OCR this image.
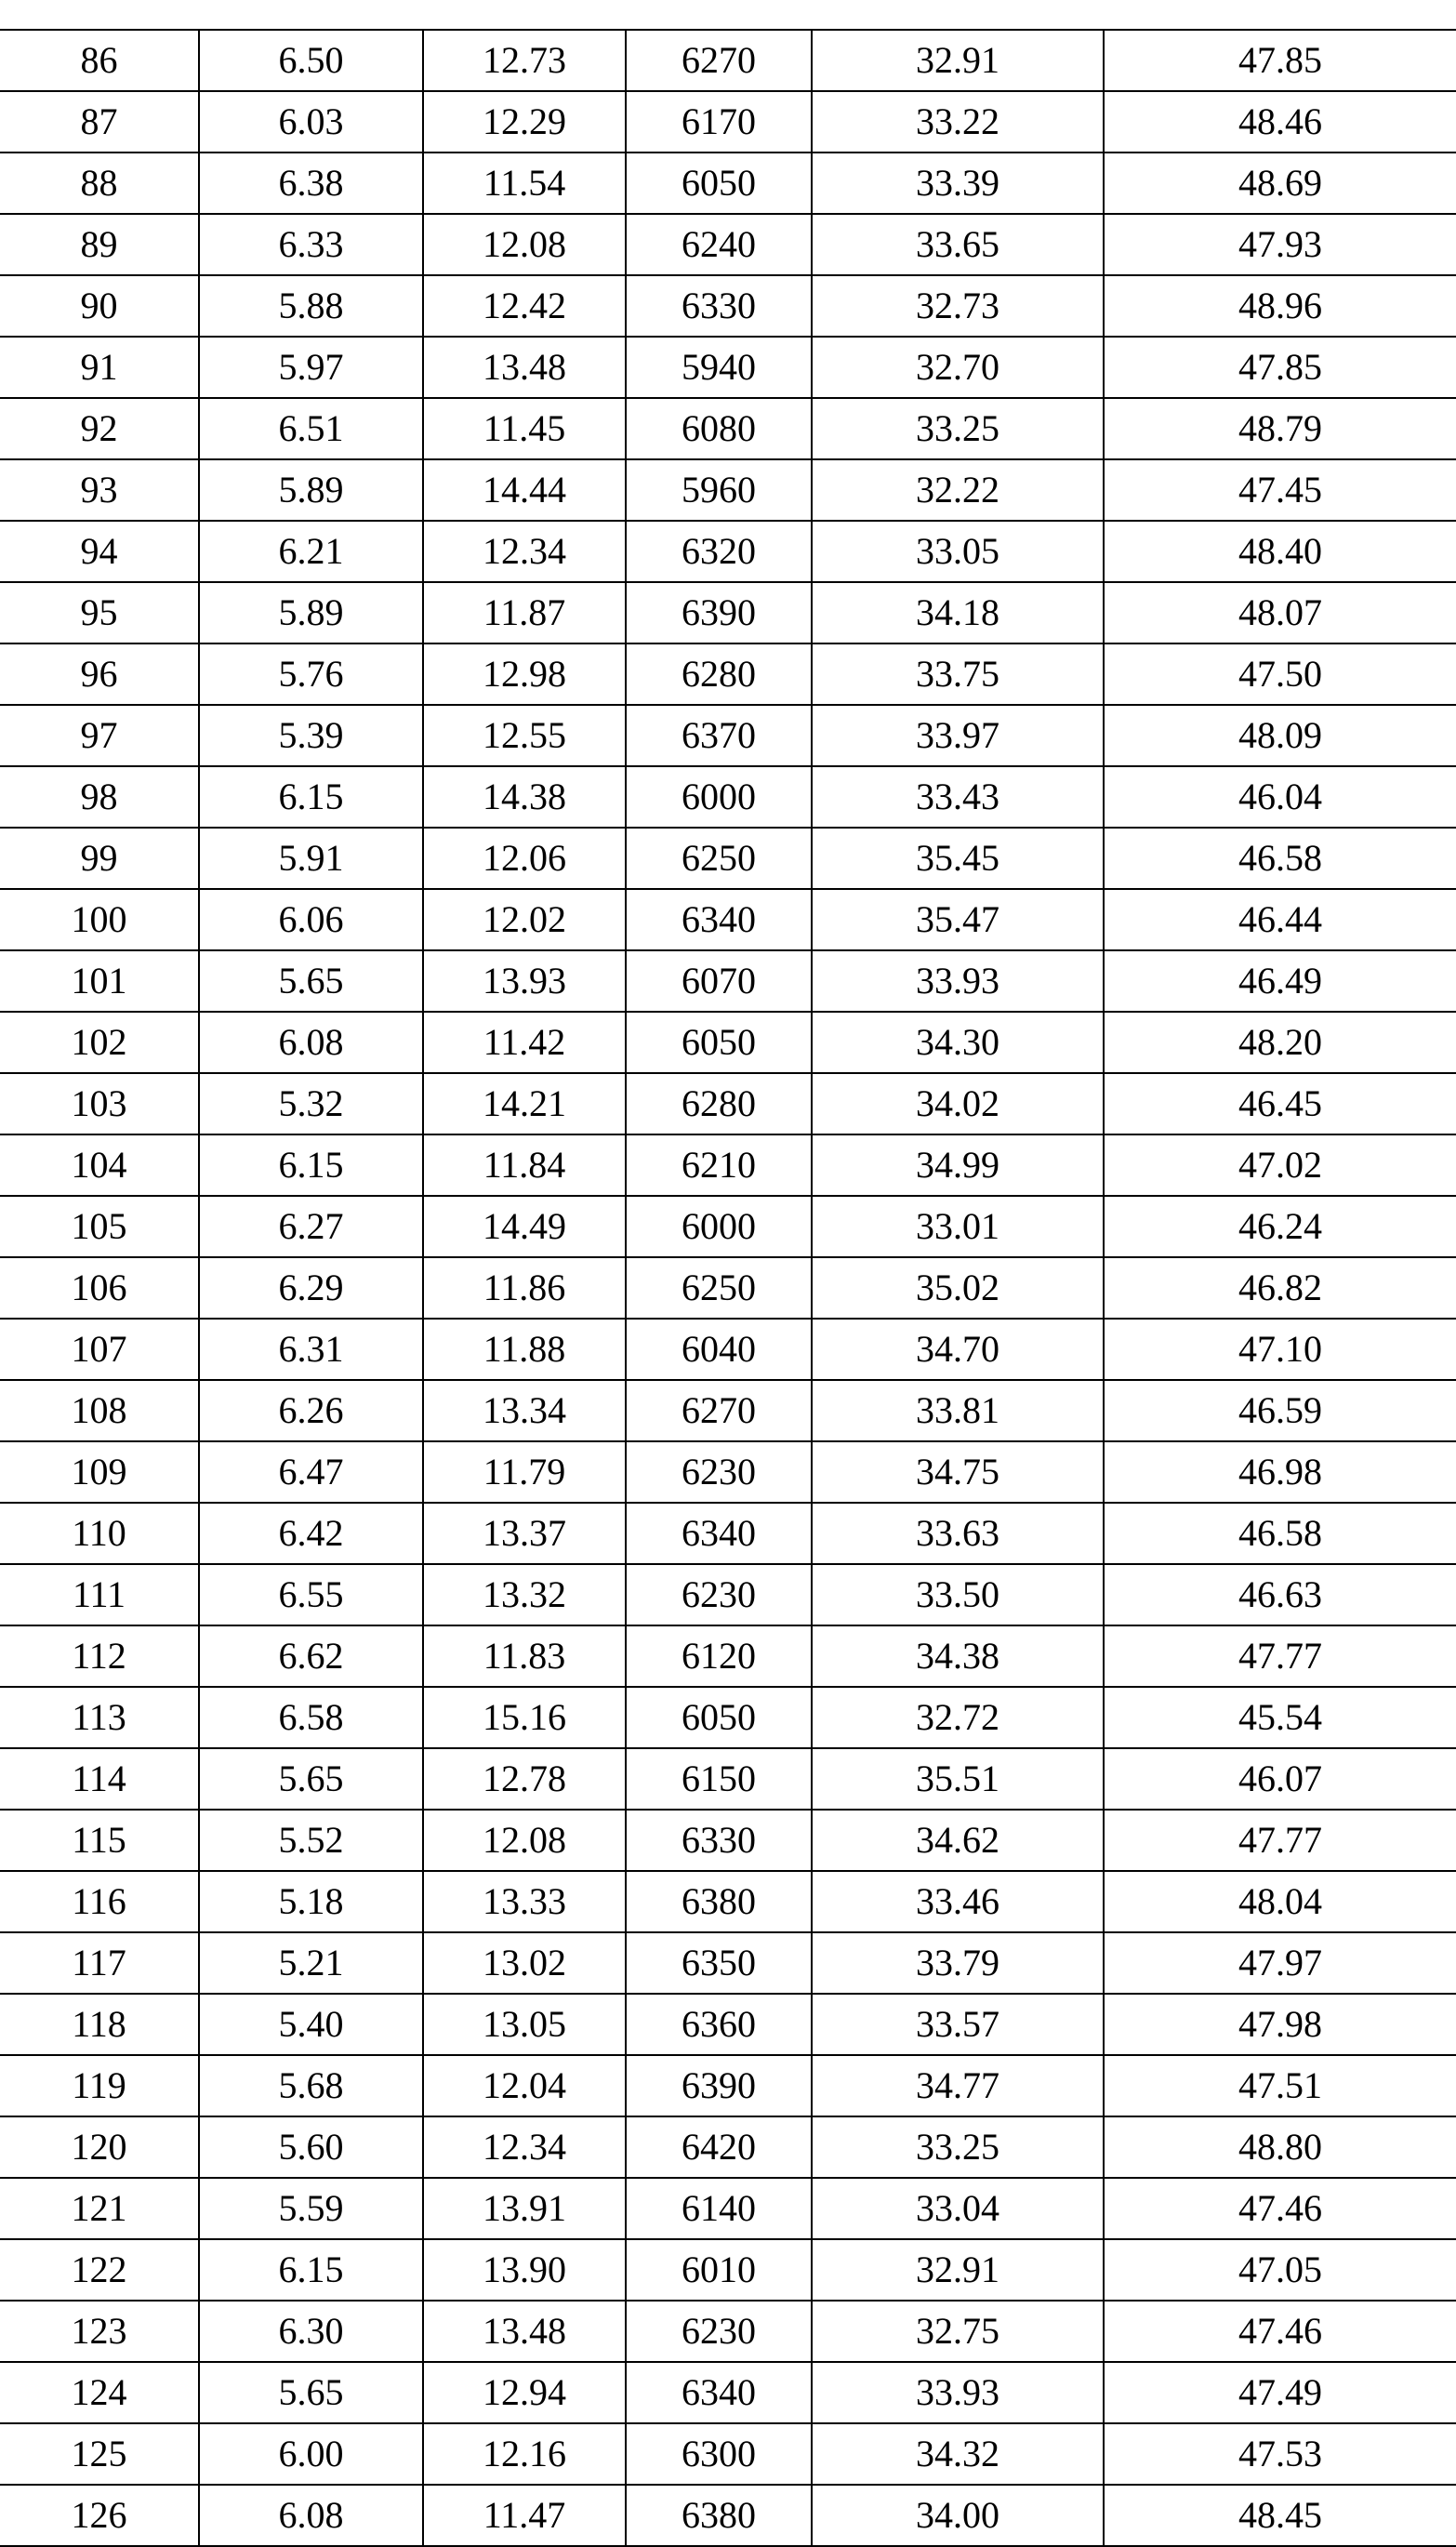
86	6.50	12.73	6270	32.91	47.85
87	6.03	12.29	6170	33.22	48.46
88	6.38	11.54	6050	33.39	48.69
89	6.33	12.08	6240	33.65	47.93
90	5.88	12.42	6330	32.73	48.96
91	5.97	13.48	5940	32.70	47.85
92	6.51	11.45	6080	33.25	48.79
93	5.89	14.44	5960	32.22	47.45
94	6.21	12.34	6320	33.05	48.40
95	5.89	11.87	6390	34.18	48.07
96	5.76	12.98	6280	33.75	47.50
97	5.39	12.55	6370	33.97	48.09
98	6.15	14.38	6000	33.43	46.04
99	5.91	12.06	6250	35.45	46.58
100	6.06	12.02	6340	35.47	46.44
101	5.65	13.93	6070	33.93	46.49
102	6.08	11.42	6050	34.30	48.20
103	5.32	14.21	6280	34.02	46.45
104	6.15	11.84	6210	34.99	47.02
105	6.27	14.49	6000	33.01	46.24
106	6.29	11.86	6250	35.02	46.82
107	6.31	11.88	6040	34.70	47.10
108	6.26	13.34	6270	33.81	46.59
109	6.47	11.79	6230	34.75	46.98
110	6.42	13.37	6340	33.63	46.58
111	6.55	13.32	6230	33.50	46.63
112	6.62	11.83	6120	34.38	47.77
113	6.58	15.16	6050	32.72	45.54
114	5.65	12.78	6150	35.51	46.07
115	5.52	12.08	6330	34.62	47.77
116	5.18	13.33	6380	33.46	48.04
117	5.21	13.02	6350	33.79	47.97
118	5.40	13.05	6360	33.57	47.98
119	5.68	12.04	6390	34.77	47.51
120	5.60	12.34	6420	33.25	48.80
121	5.59	13.91	6140	33.04	47.46
122	6.15	13.90	6010	32.91	47.05
123	6.30	13.48	6230	32.75	47.46
124	5.65	12.94	6340	33.93	47.49
125	6.00	12.16	6300	34.32	47.53
126	6.08	11.47	6380	34.00	48.45
